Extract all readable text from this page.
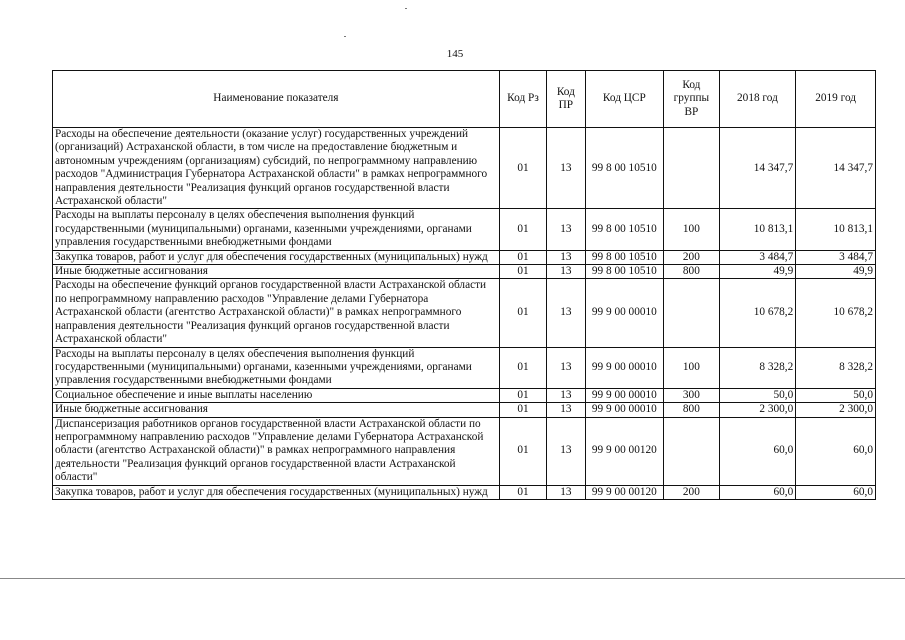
145
Наименование показателя	Код Рз	Код ПР	Код ЦСР	Код группы ВР	2018 год	2019 год
Расходы на обеспечение деятельности (оказание услуг) государственных учреждений (организаций) Астраханской области, в том числе на предоставление бюджетным и автономным учреждениям (организациям) субсидий, по непрограммному направлению расходов "Администрация Губернатора Астраханской области" в рамках непрограммного направления деятельности "Реализация функций органов государственной власти Астраханской области"	01	13	99 8 00 10510		14 347,7	14 347,7
Расходы на выплаты персоналу в целях обеспечения выполнения функций государственными (муниципальными) органами, казенными учреждениями, органами управления государственными внебюджетными фондами	01	13	99 8 00 10510	100	10 813,1	10 813,1
Закупка товаров, работ и услуг для обеспечения государственных (муниципальных) нужд	01	13	99 8 00 10510	200	3 484,7	3 484,7
Иные бюджетные ассигнования	01	13	99 8 00 10510	800	49,9	49,9
Расходы на обеспечение функций органов государственной власти Астраханской области по непрограммному направлению расходов "Управление делами Губернатора Астраханской области (агентство Астраханской области)" в рамках непрограммного направления деятельности "Реализация функций органов государственной власти Астраханской области"	01	13	99 9 00 00010		10 678,2	10 678,2
Расходы на выплаты персоналу в целях обеспечения выполнения функций государственными (муниципальными) органами, казенными учреждениями, органами управления государственными внебюджетными фондами	01	13	99 9 00 00010	100	8 328,2	8 328,2
Социальное обеспечение и иные выплаты населению	01	13	99 9 00 00010	300	50,0	50,0
Иные бюджетные ассигнования	01	13	99 9 00 00010	800	2 300,0	2 300,0
Диспансеризация работников органов государственной власти Астраханской области по непрограммному направлению расходов "Управление делами Губернатора Астраханской области (агентство Астраханской области)" в рамках непрограммного направления деятельности "Реализация функций органов государственной власти Астраханской области"	01	13	99 9 00 00120		60,0	60,0
Закупка товаров, работ и услуг для обеспечения государственных (муниципальных) нужд	01	13	99 9 00 00120	200	60,0	60,0
